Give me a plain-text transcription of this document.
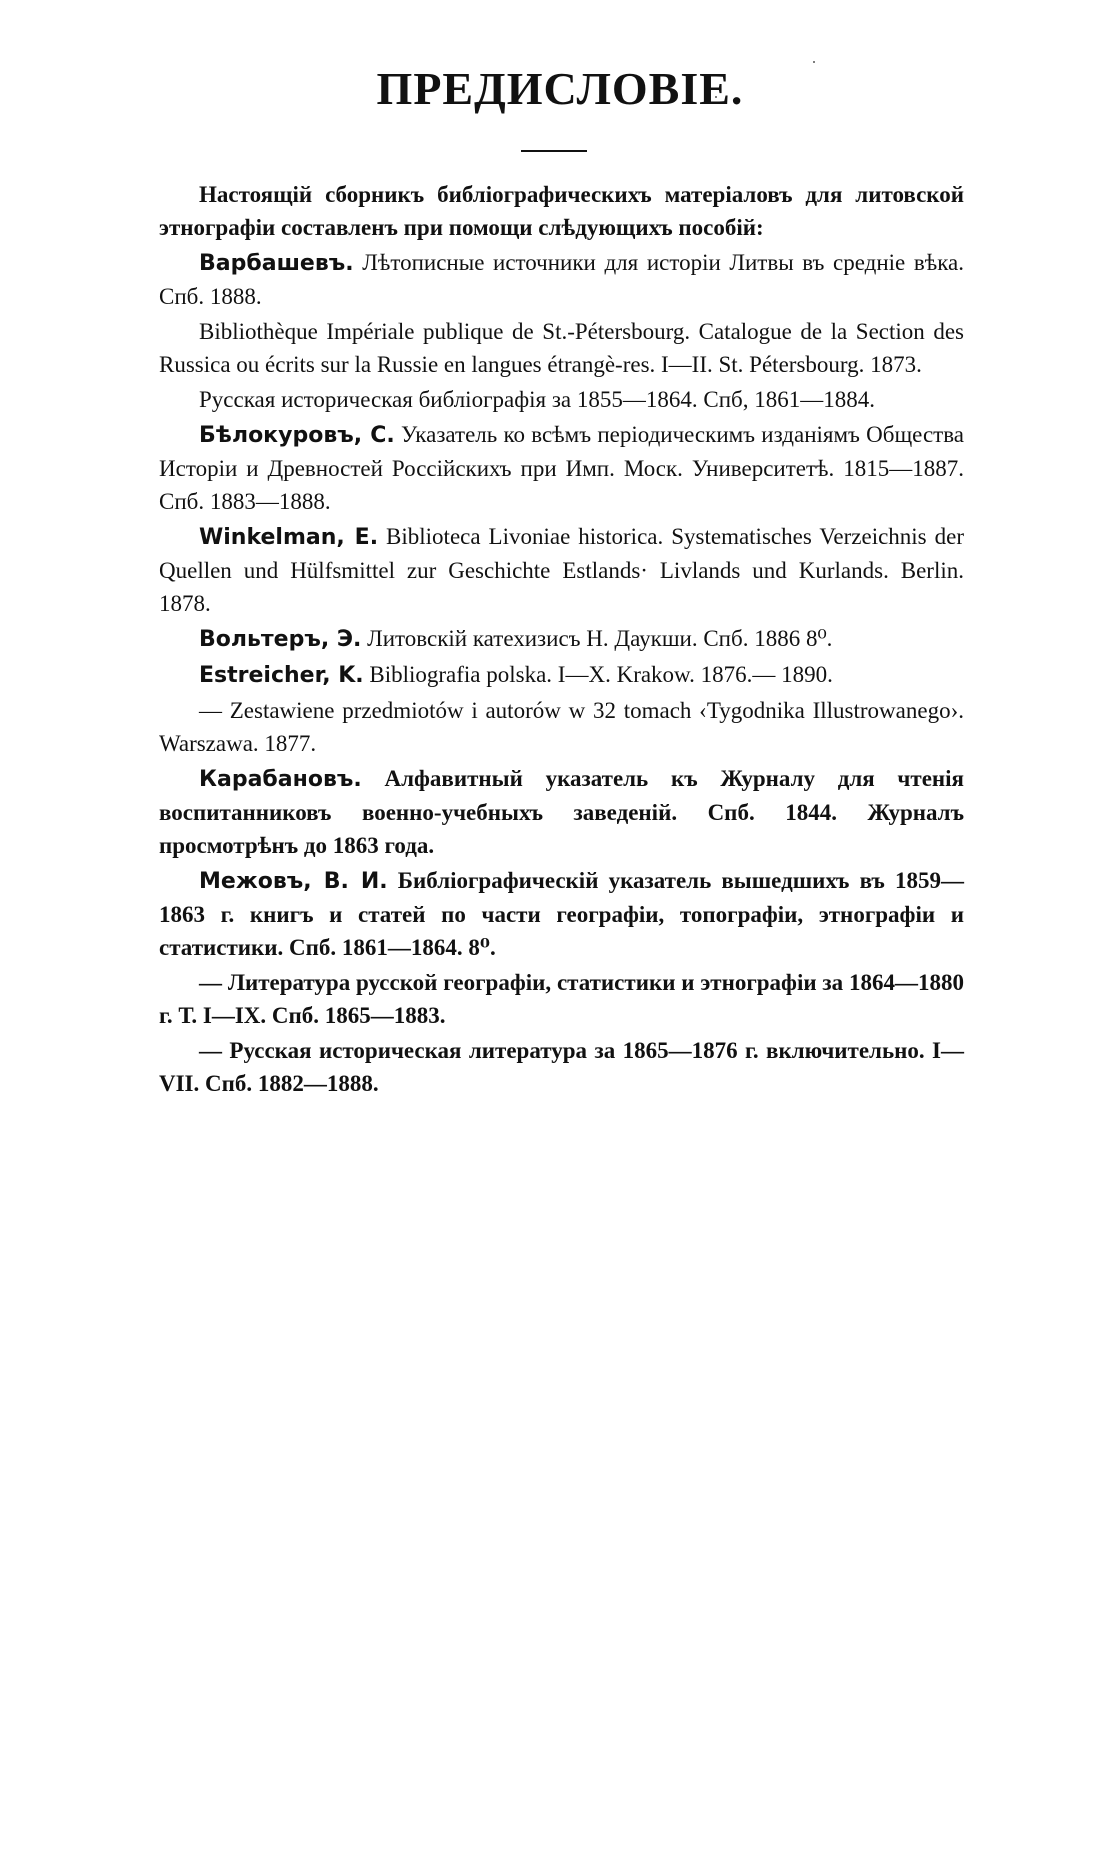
ПРЕДИСЛОВІЕ.

Настоящій сборникъ библіографическихъ матеріаловъ для литовской этнографіи составленъ при помощи слѣдующихъ пособій:

Варбашевъ. Лѣтописные источники для исторіи Литвы въ средніе вѣка. Спб. 1888.

Bibliothèque Impériale publique de St.-Pétersbourg. Catalogue de la Section des Russica ou écrits sur la Russie en langues étrangè-res. I—II. St. Pétersbourg. 1873.

Русская историческая библіографія за 1855—1864. Спб, 1861—1884.

Бѣлокуровъ, С. Указатель ко всѣмъ періодическимъ изданіямъ Общества Исторіи и Древностей Россійскихъ при Имп. Моск. Университетѣ. 1815—1887. Спб. 1883—1888.

Winkelman, E. Biblioteca Livoniae historica. Systematisches Verzeichnis der Quellen und Hülfsmittel zur Geschichte Estlands· Livlands und Kurlands. Berlin. 1878.

Вольтеръ, Э. Литовскій катехизисъ Н. Даукши. Спб. 1886 8⁰.

Estreicher, K. Bibliografia polska. I—X. Krakow. 1876.— 1890.

— Zestawiene przedmiotów i autorów w 32 tomach ‹Tygodnika Illustrowanego›. Warszawa. 1877.

Карабановъ. Алфавитный указатель къ Журналу для чтенія воспитанниковъ военно-учебныхъ заведеній. Спб. 1844. Журналъ просмотрѣнъ до 1863 года.

Межовъ, В. И. Библіографическій указатель вышедшихъ въ 1859—1863 г. книгъ и статей по части географіи, топографіи, этнографіи и статистики. Спб. 1861—1864. 8⁰.

— Литература русской географіи, статистики и этнографіи за 1864—1880 г. Т. I—IX. Спб. 1865—1883.

— Русская историческая литература за 1865—1876 г. включительно. I—VII. Спб. 1882—1888.
